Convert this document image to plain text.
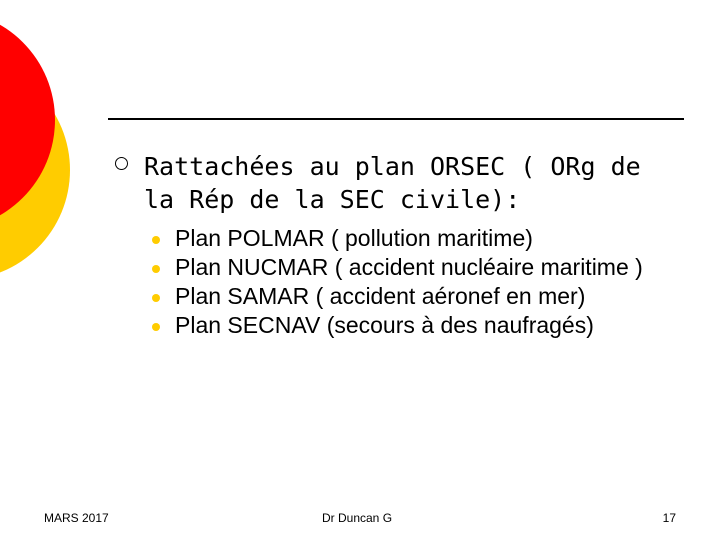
Rattachées au plan ORSEC ( ORg de la Rép de la SEC civile):
Plan POLMAR ( pollution maritime)
Plan NUCMAR ( accident nucléaire maritime )
Plan SAMAR ( accident aéronef en mer)
Plan SECNAV (secours à des naufragés)
MARS 2017	Dr Duncan G	17
